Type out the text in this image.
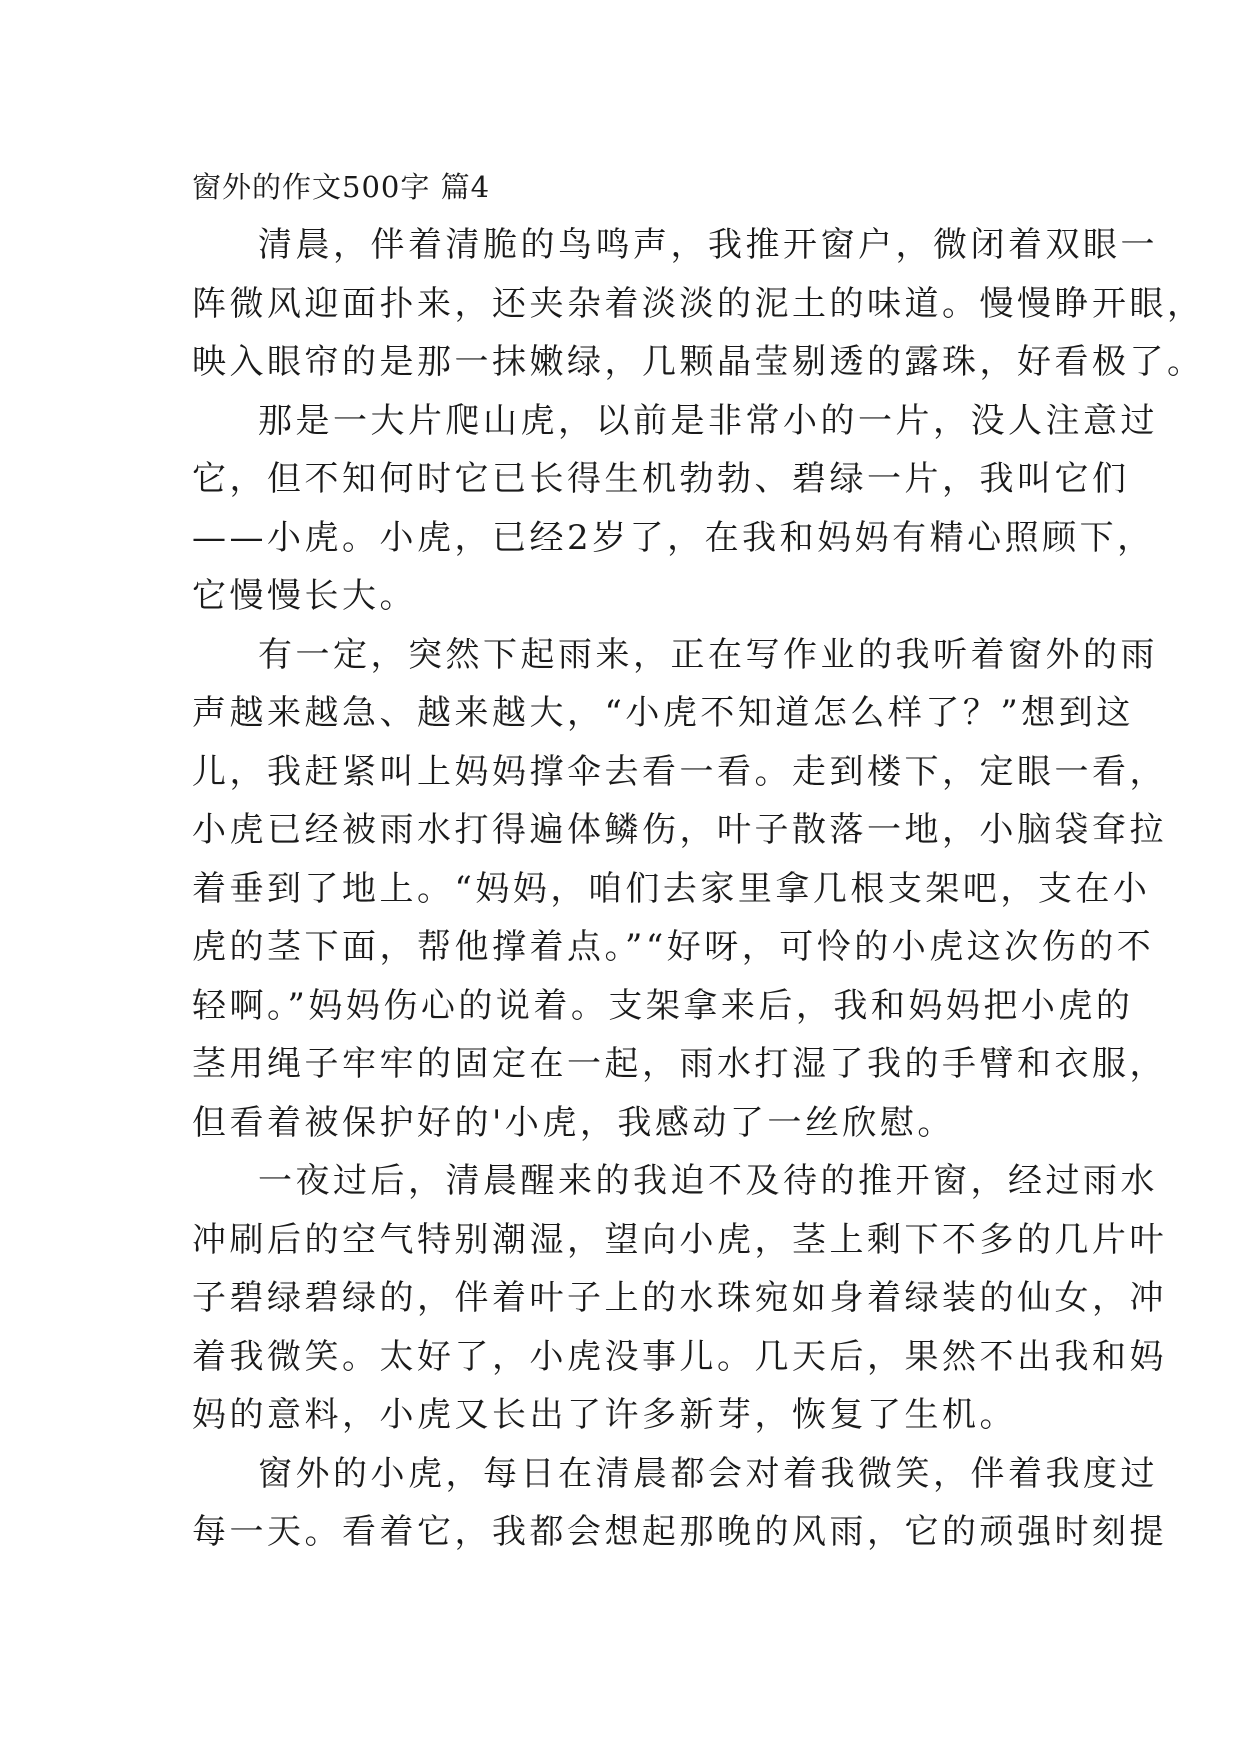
窗外的作文500字 篇4
清晨，伴着清脆的鸟鸣声，我推开窗户，微闭着双眼一
阵微风迎面扑来，还夹杂着淡淡的泥土的味道。慢慢睁开眼，
映入眼帘的是那一抹嫩绿，几颗晶莹剔透的露珠，好看极了。
那是一大片爬山虎，以前是非常小的一片，没人注意过
它，但不知何时它已长得生机勃勃、碧绿一片，我叫它们
——小虎。小虎，已经2岁了，在我和妈妈有精心照顾下，
它慢慢长大。
有一定，突然下起雨来，正在写作业的我听着窗外的雨
声越来越急、越来越大，“小虎不知道怎么样了？”想到这
儿，我赶紧叫上妈妈撑伞去看一看。走到楼下，定眼一看，
小虎已经被雨水打得遍体鳞伤，叶子散落一地，小脑袋耷拉
着垂到了地上。“妈妈，咱们去家里拿几根支架吧，支在小
虎的茎下面，帮他撑着点。”“好呀，可怜的小虎这次伤的不
轻啊。”妈妈伤心的说着。支架拿来后，我和妈妈把小虎的
茎用绳子牢牢的固定在一起，雨水打湿了我的手臂和衣服，
但看着被保护好的'小虎，我感动了一丝欣慰。
一夜过后，清晨醒来的我迫不及待的推开窗，经过雨水
冲刷后的空气特别潮湿，望向小虎，茎上剩下不多的几片叶
子碧绿碧绿的，伴着叶子上的水珠宛如身着绿装的仙女，冲
着我微笑。太好了，小虎没事儿。几天后，果然不出我和妈
妈的意料，小虎又长出了许多新芽，恢复了生机。
窗外的小虎，每日在清晨都会对着我微笑，伴着我度过
每一天。看着它，我都会想起那晚的风雨，它的顽强时刻提
